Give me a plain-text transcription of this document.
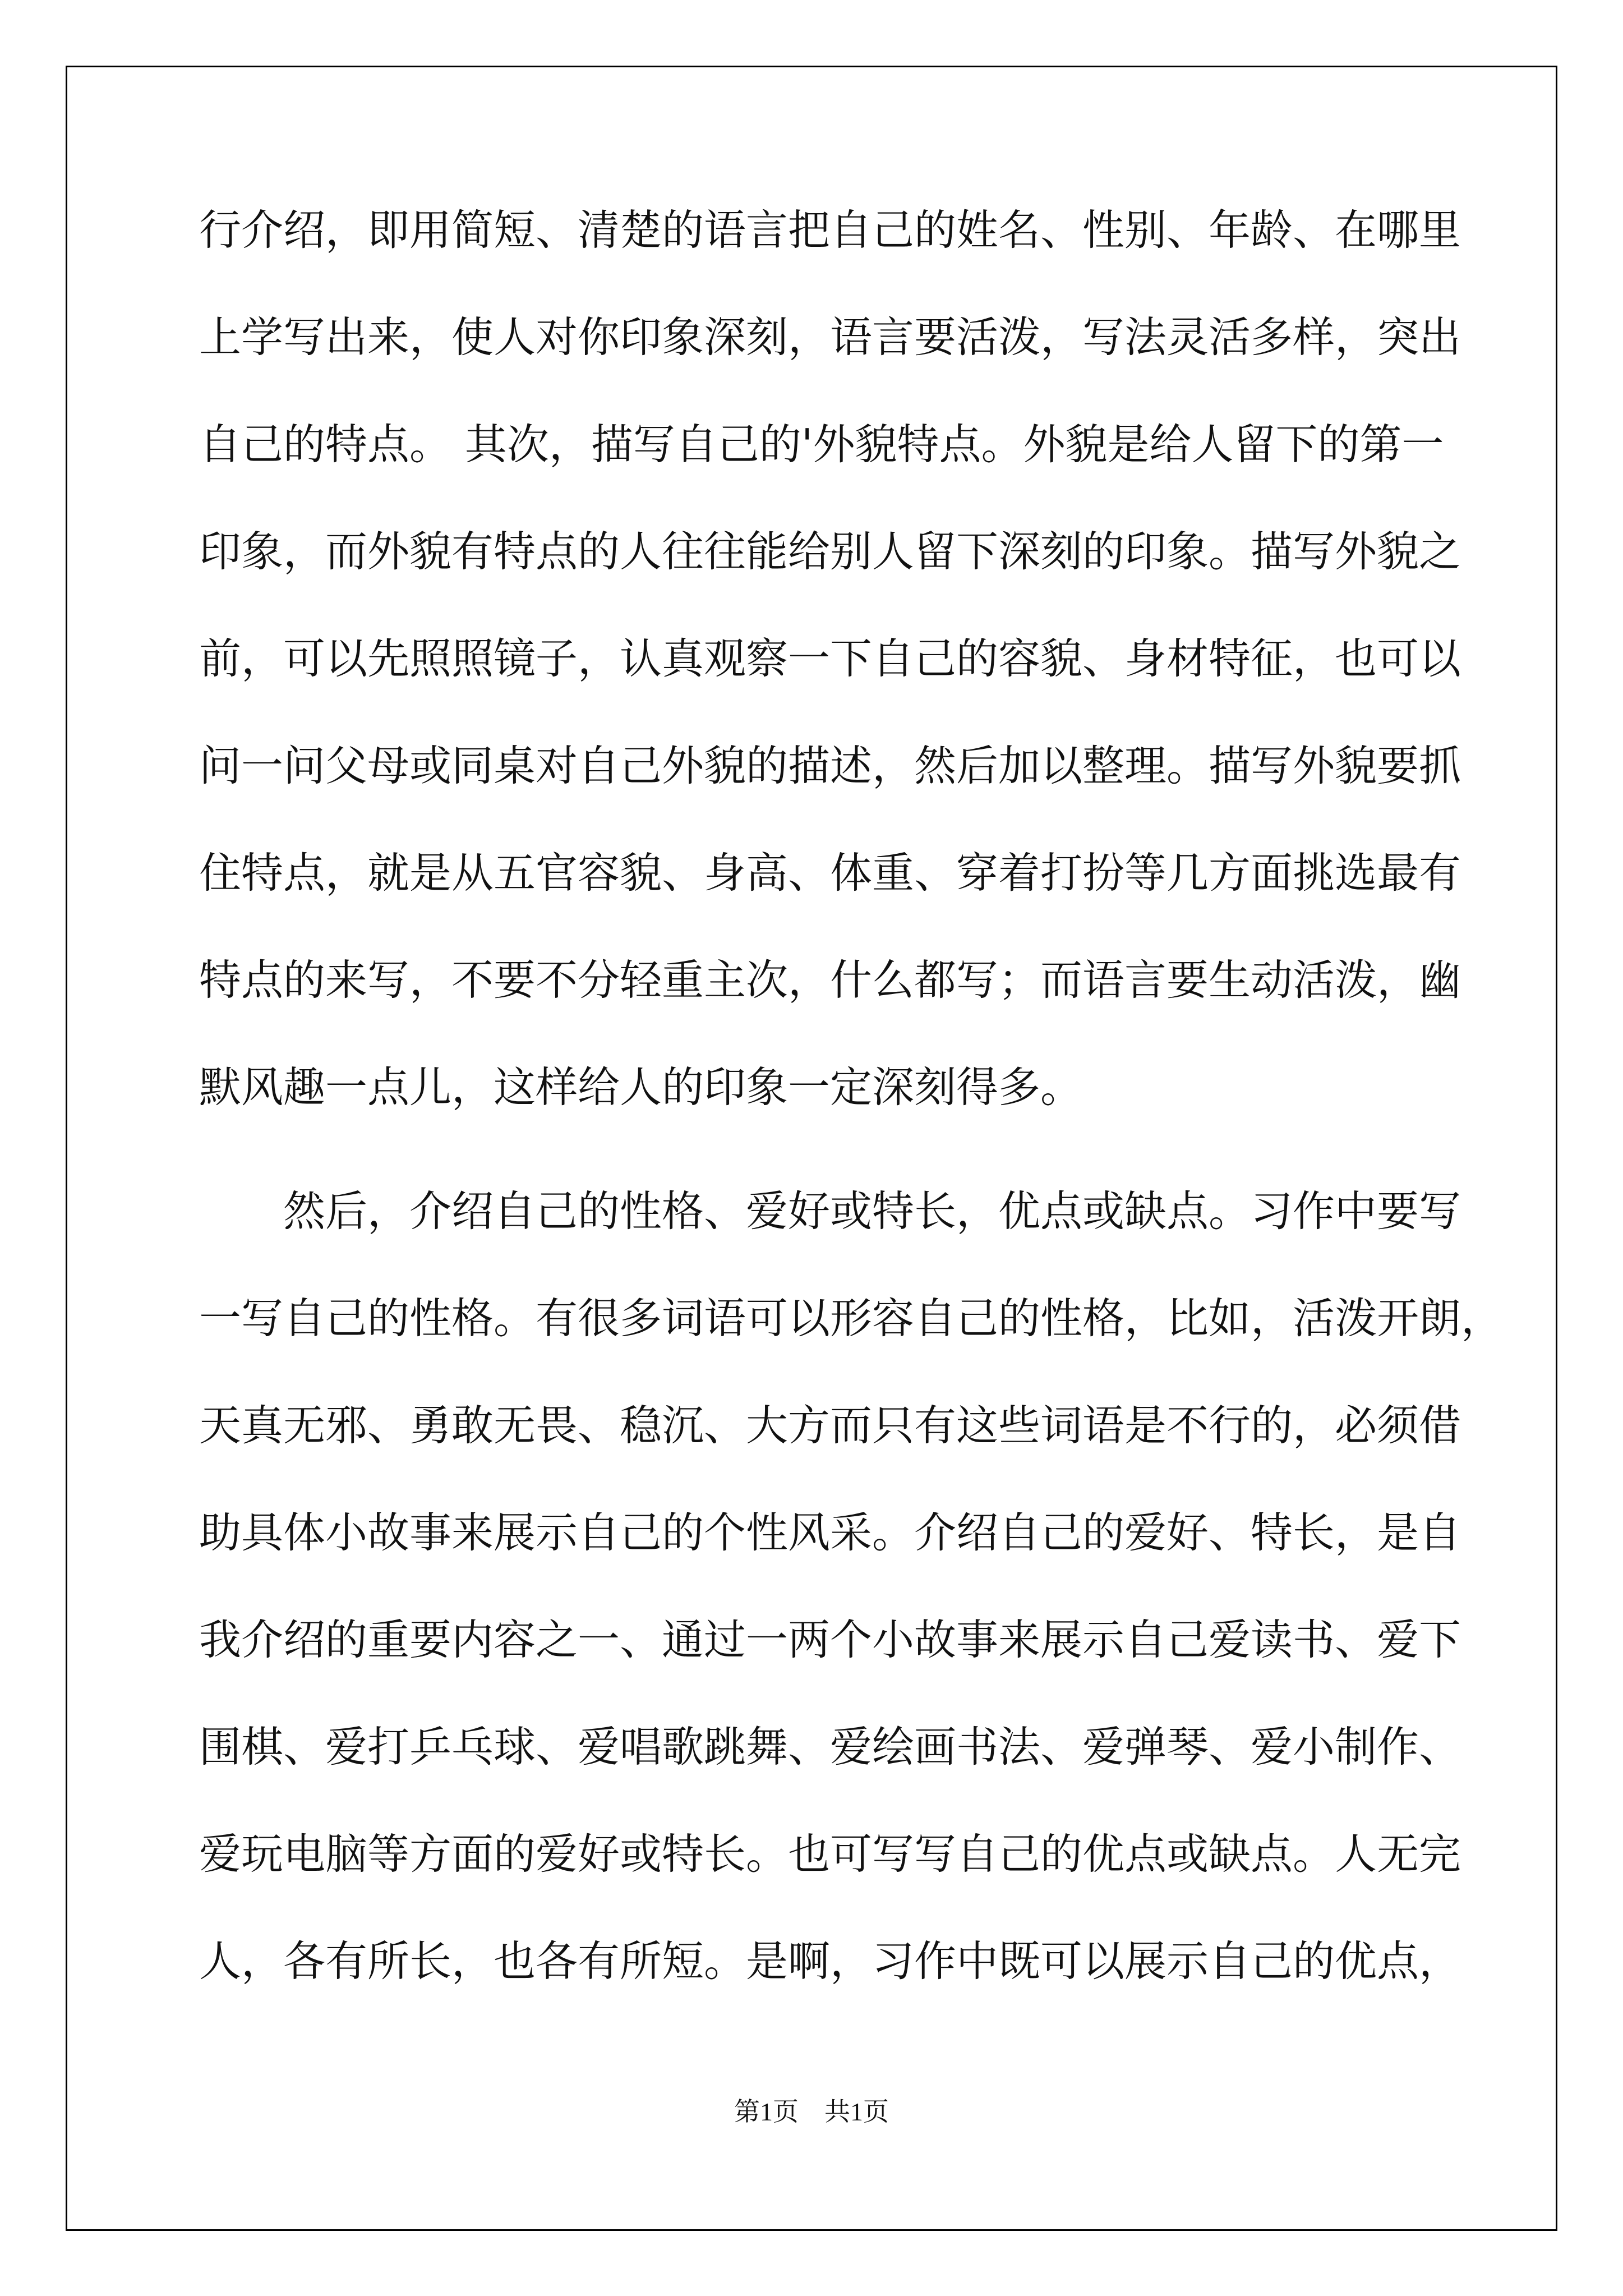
行介绍，即用简短、清楚的语言把自己的姓名、性别、年龄、在哪里
上学写出来，使人对你印象深刻，语言要活泼，写法灵活多样，突出
自己的特点。 其次，描写自己的'外貌特点。外貌是给人留下的第一
印象，而外貌有特点的人往往能给别人留下深刻的印象。描写外貌之
前，可以先照照镜子，认真观察一下自己的容貌、身材特征，也可以
问一问父母或同桌对自己外貌的描述，然后加以整理。描写外貌要抓
住特点，就是从五官容貌、身高、体重、穿着打扮等几方面挑选最有
特点的来写，不要不分轻重主次，什么都写；而语言要生动活泼，幽
默风趣一点儿，这样给人的印象一定深刻得多。
　　然后，介绍自己的性格、爱好或特长，优点或缺点。习作中要写
一写自己的性格。有很多词语可以形容自己的性格，比如，活泼开朗，
天真无邪、勇敢无畏、稳沉、大方而只有这些词语是不行的，必须借
助具体小故事来展示自己的个性风采。介绍自己的爱好、特长，是自
我介绍的重要内容之一、通过一两个小故事来展示自己爱读书、爱下
围棋、爱打乒乓球、爱唱歌跳舞、爱绘画书法、爱弹琴、爱小制作、
爱玩电脑等方面的爱好或特长。也可写写自己的优点或缺点。人无完
人，各有所长，也各有所短。是啊，习作中既可以展示自己的优点，
第1页　共1页
